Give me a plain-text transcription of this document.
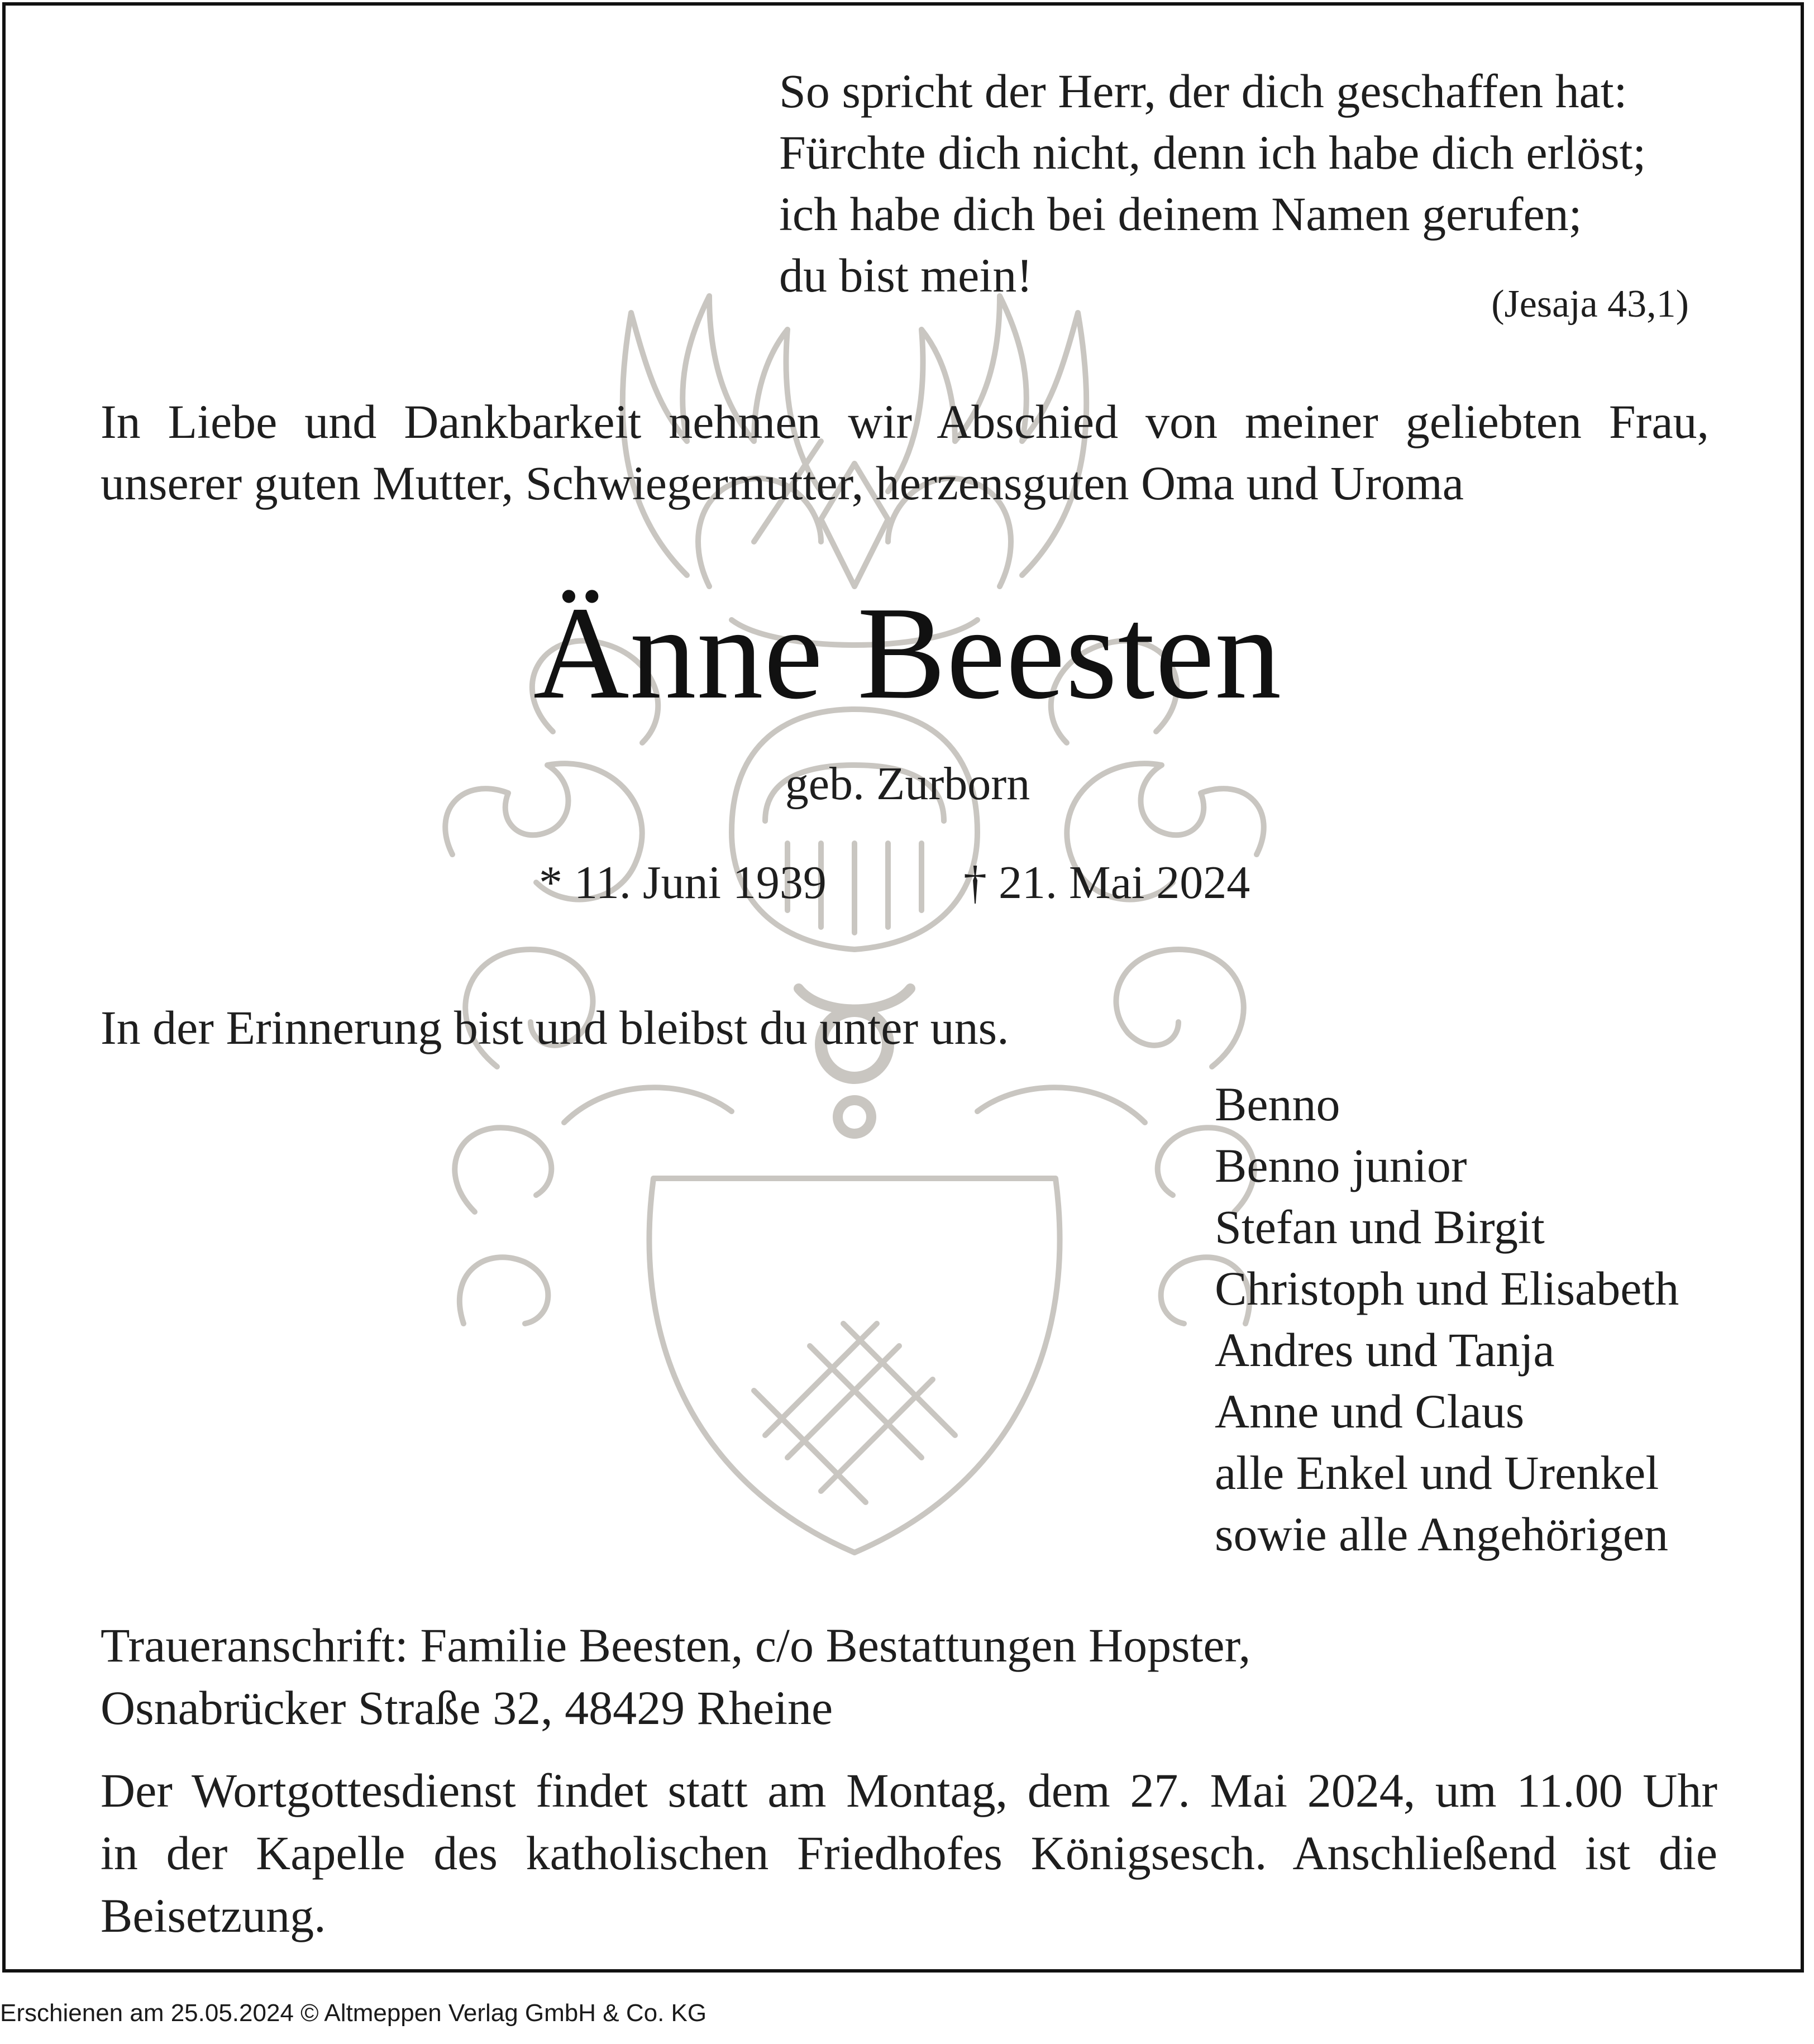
So spricht der Herr, der dich geschaffen hat:
Fürchte dich nicht, denn ich habe dich erlöst;
ich habe dich bei deinem Namen gerufen;
du bist mein!
(Jesaja 43,1)
In Liebe und Dankbarkeit nehmen wir Abschied von meiner geliebten Frau,
unserer guten Mutter, Schwiegermutter, herzensguten Oma und Uroma
Änne Beesten
geb. Zurborn
* 11. Juni 1939	† 21. Mai 2024
In der Erinnerung bist und bleibst du unter uns.
Benno
Benno junior
Stefan und Birgit
Christoph und Elisabeth
Andres und Tanja
Anne und Claus
alle Enkel und Urenkel
sowie alle Angehörigen
Traueranschrift: Familie Beesten, c/o Bestattungen Hopster,
Osnabrücker Straße 32, 48429 Rheine
Der Wortgottesdienst findet statt am Montag, dem 27. Mai 2024, um 11.00 Uhr
in der Kapelle des katholischen Friedhofes Königsesch. Anschließend ist die
Beisetzung.
Erschienen am 25.05.2024 © Altmeppen Verlag GmbH & Co. KG
